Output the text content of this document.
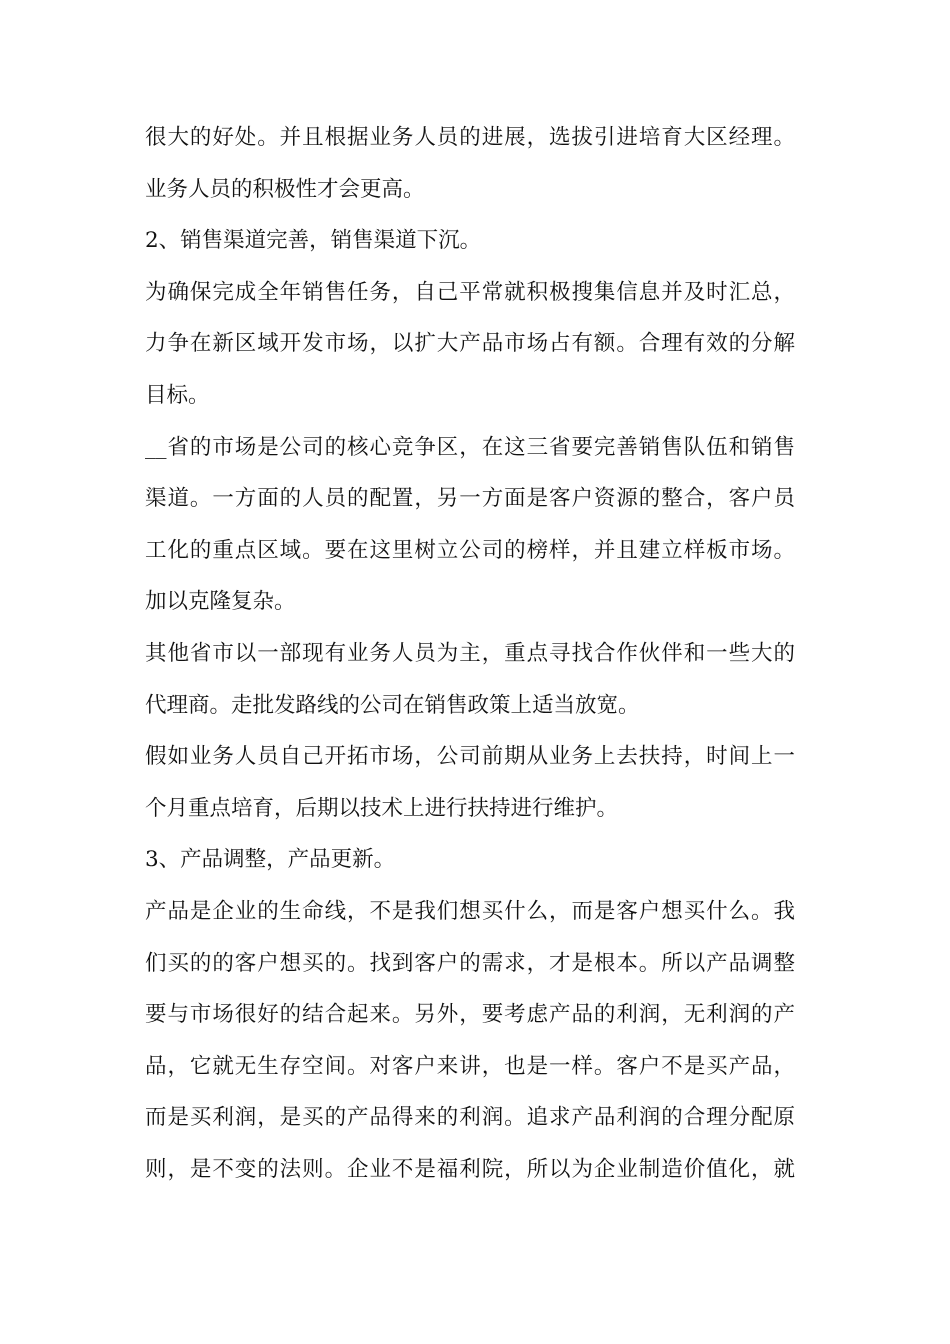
很大的好处。并且根据业务人员的进展，选拔引进培育大区经理。
业务人员的积极性才会更高。
2、销售渠道完善，销售渠道下沉。
为确保完成全年销售任务，自己平常就积极搜集信息并及时汇总，
力争在新区域开发市场，以扩大产品市场占有额。合理有效的分解
目标。
__省的市场是公司的核心竞争区，在这三省要完善销售队伍和销售
渠道。一方面的人员的配置，另一方面是客户资源的整合，客户员
工化的重点区域。要在这里树立公司的榜样，并且建立样板市场。
加以克隆复杂。
其他省市以一部现有业务人员为主，重点寻找合作伙伴和一些大的
代理商。走批发路线的公司在销售政策上适当放宽。
假如业务人员自己开拓市场，公司前期从业务上去扶持，时间上一
个月重点培育，后期以技术上进行扶持进行维护。
3、产品调整，产品更新。
产品是企业的生命线，不是我们想买什么，而是客户想买什么。我
们买的的客户想买的。找到客户的需求，才是根本。所以产品调整
要与市场很好的结合起来。另外，要考虑产品的利润，无利润的产
品，它就无生存空间。对客户来讲，也是一样。客户不是买产品，
而是买利润，是买的产品得来的利润。追求产品利润的合理分配原
则，是不变的法则。企业不是福利院，所以为企业制造价值化，就
